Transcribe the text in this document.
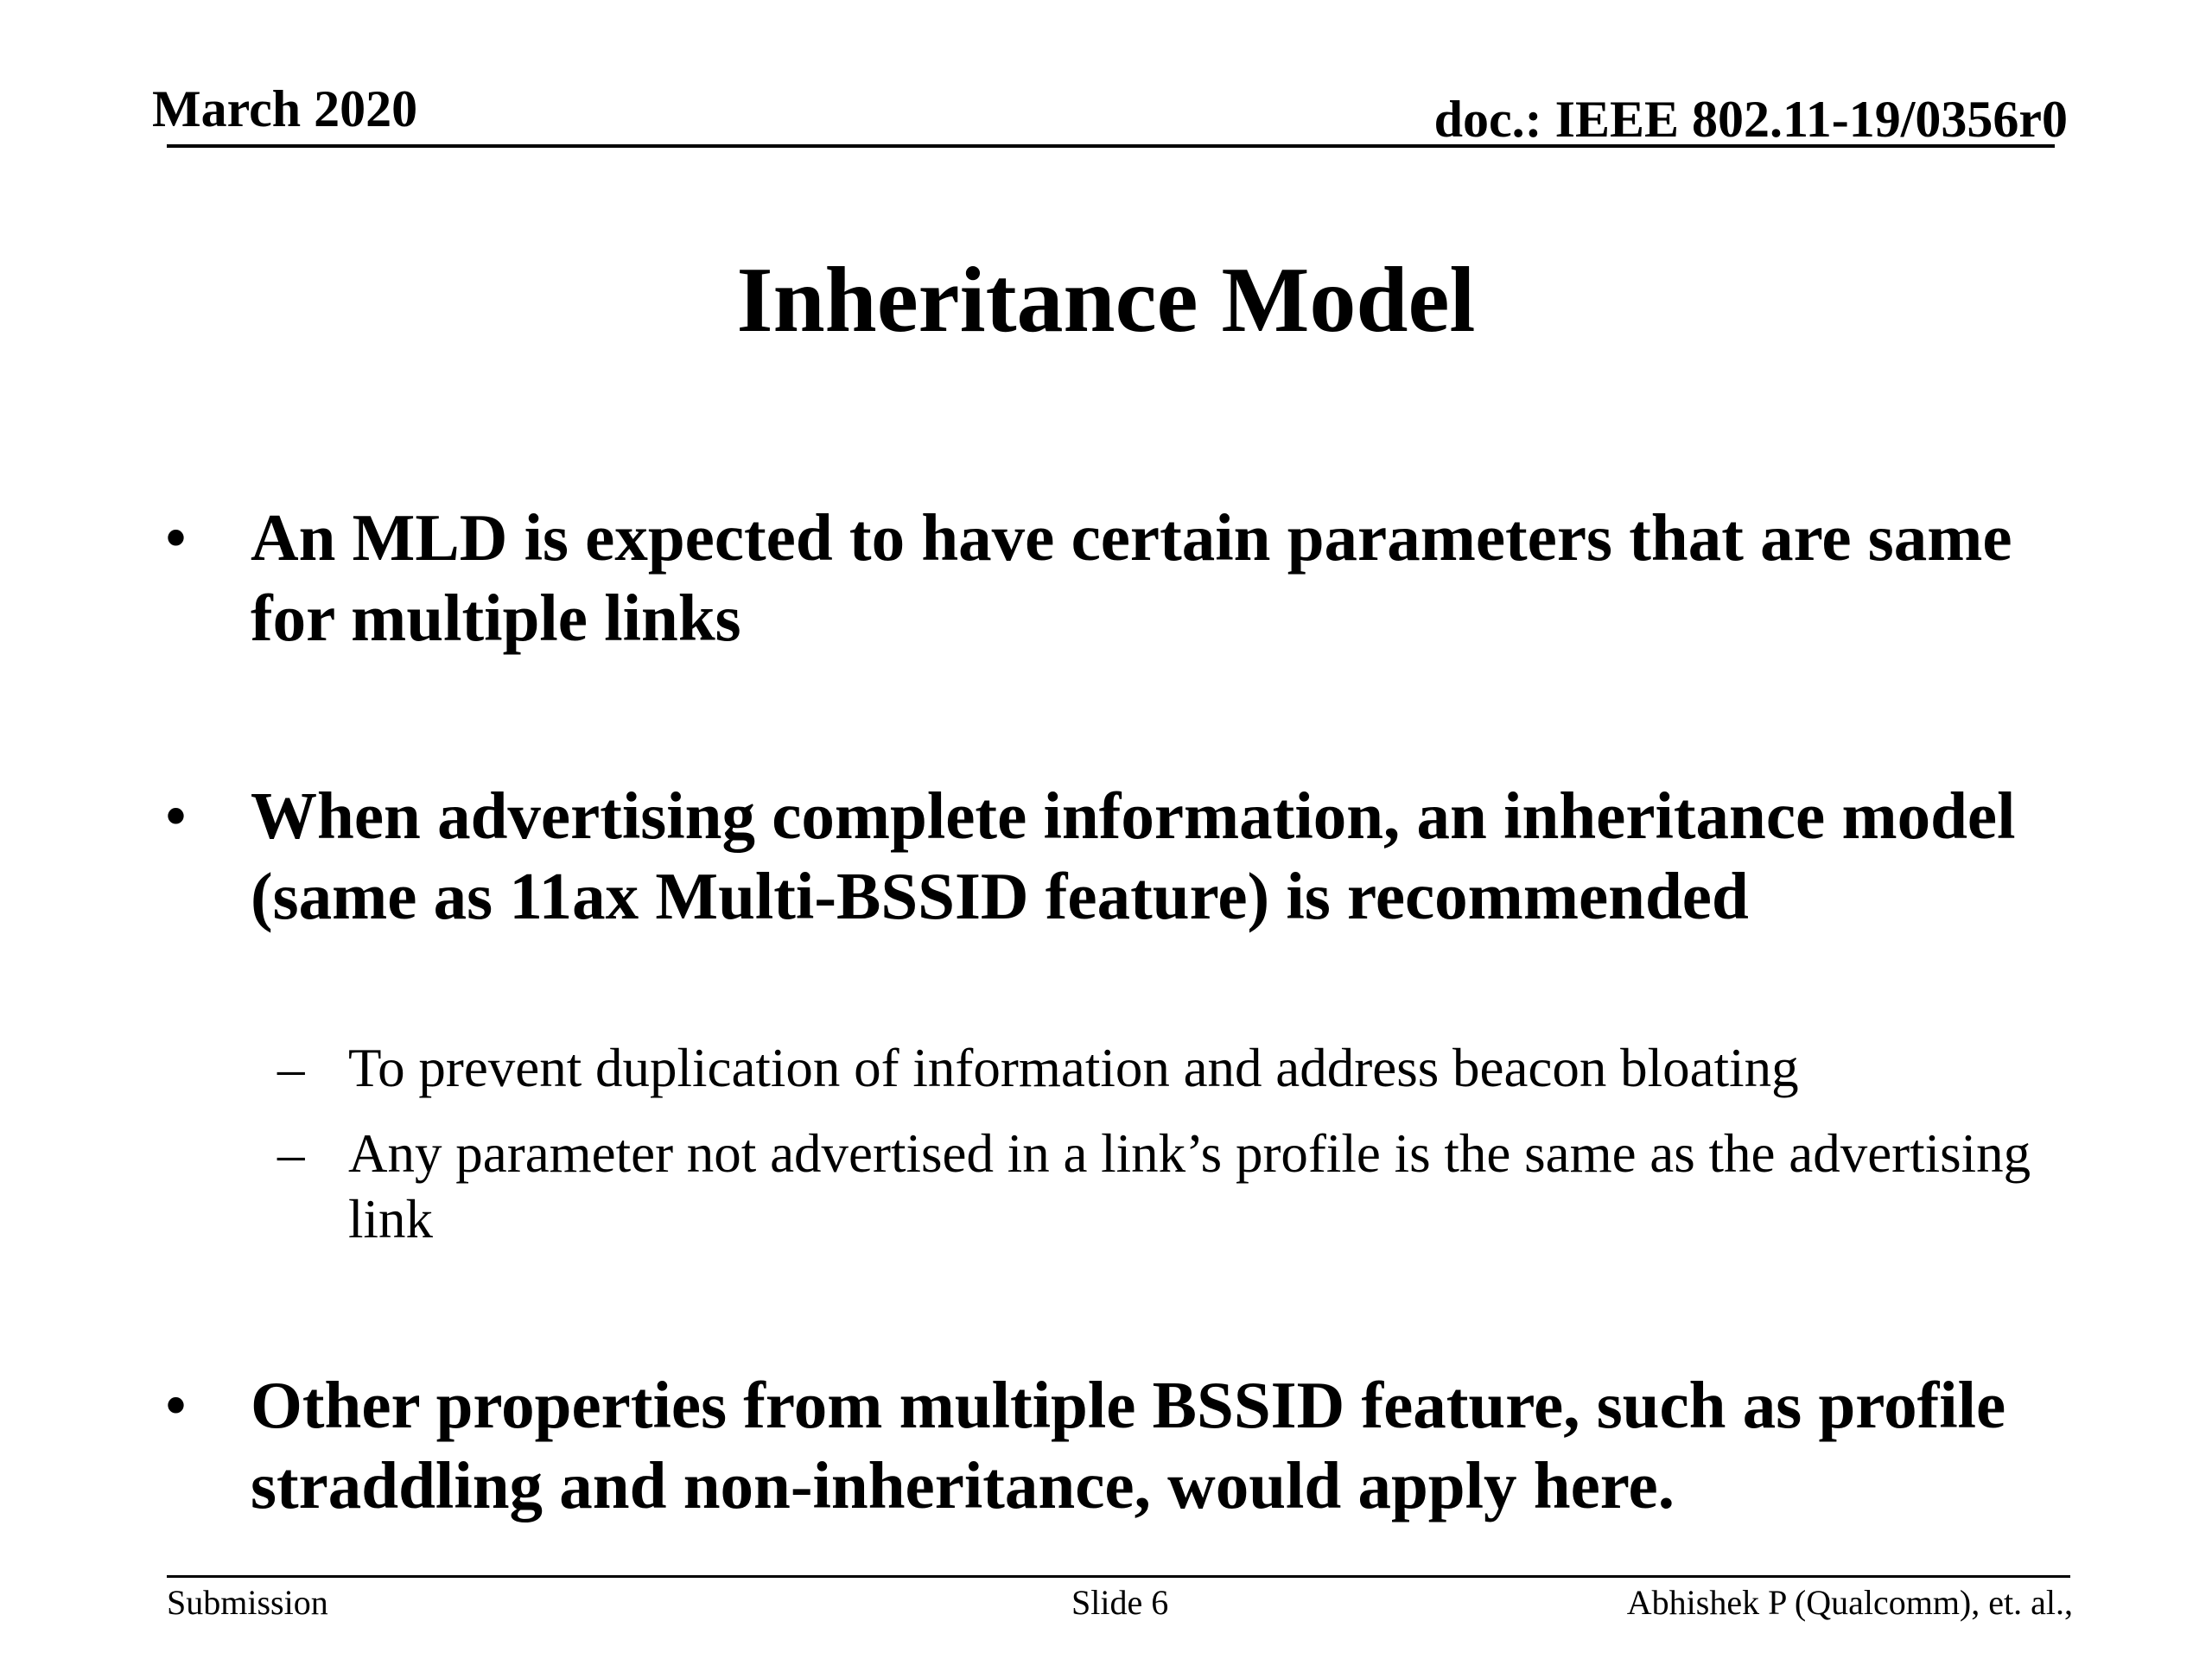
March 2020	doc.: IEEE 802.11-19/0356r0
Inheritance Model
• An MLD is expected to have certain parameters that are same for multiple links
• When advertising complete information, an inheritance model (same as 11ax Multi-BSSID feature) is recommended
– To prevent duplication of information and address beacon bloating
– Any parameter not advertised in a link’s profile is the same as the advertising link
• Other properties from multiple BSSID feature, such as profile straddling and non-inheritance, would apply here.
Submission	Slide 6	Abhishek P (Qualcomm), et. al.,
